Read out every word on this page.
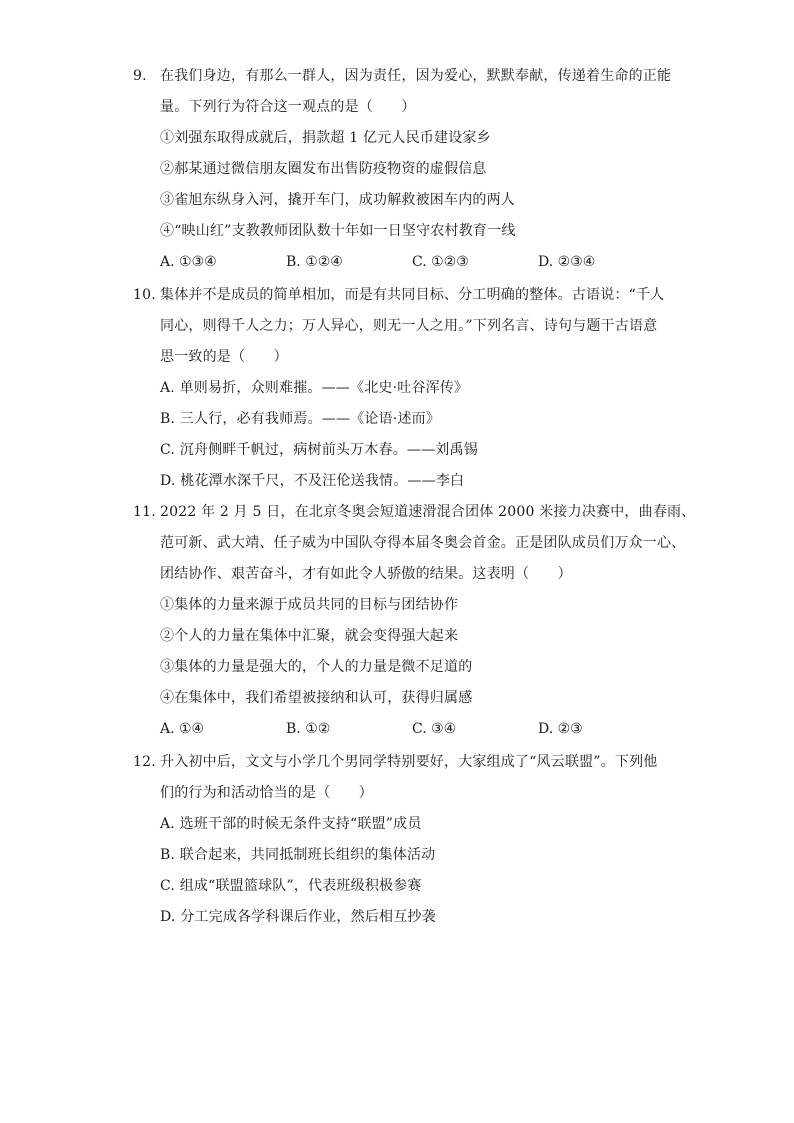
9. 在我们身边，有那么一群人，因为责任，因为爱心，默默奉献，传递着生命的正能
量。下列行为符合这一观点的是（　　）
①刘强东取得成就后，捐款超 1 亿元人民币建设家乡
②郝某通过微信朋友圈发布出售防疫物资的虚假信息
③雀旭东纵身入河，撬开车门，成功解救被困车内的两人
④“映山红”支教教师团队数十年如一日坚守农村教育一线
A. ①③④	B. ①②④	C. ①②③	D. ②③④
10. 集体并不是成员的简单相加，而是有共同目标、分工明确的整体。古语说：“千人
同心，则得千人之力；万人异心，则无一人之用。”下列名言、诗句与题干古语意
思一致的是（　　）
A. 单则易折，众则难摧。——《北史·吐谷浑传》
B. 三人行，必有我师焉。——《论语·述而》
C. 沉舟侧畔千帆过，病树前头万木春。——刘禹锡
D. 桃花潭水深千尺，不及汪伦送我情。——李白
11. 2022 年 2 月 5 日，在北京冬奥会短道速滑混合团体 2000 米接力决赛中，曲春雨、
范可新、武大靖、任子威为中国队夺得本届冬奥会首金。正是团队成员们万众一心、
团结协作、艰苦奋斗，才有如此令人骄傲的结果。这表明（　　）
①集体的力量来源于成员共同的目标与团结协作
②个人的力量在集体中汇聚，就会变得强大起来
③集体的力量是强大的，个人的力量是微不足道的
④在集体中，我们希望被接纳和认可，获得归属感
A. ①④	B. ①②	C. ③④	D. ②③
12. 升入初中后，文文与小学几个男同学特别要好，大家组成了“风云联盟”。下列他
们的行为和活动恰当的是（　　）
A. 选班干部的时候无条件支持“联盟”成员
B. 联合起来，共同抵制班长组织的集体活动
C. 组成“联盟篮球队”，代表班级积极参赛
D. 分工完成各学科课后作业，然后相互抄袭
